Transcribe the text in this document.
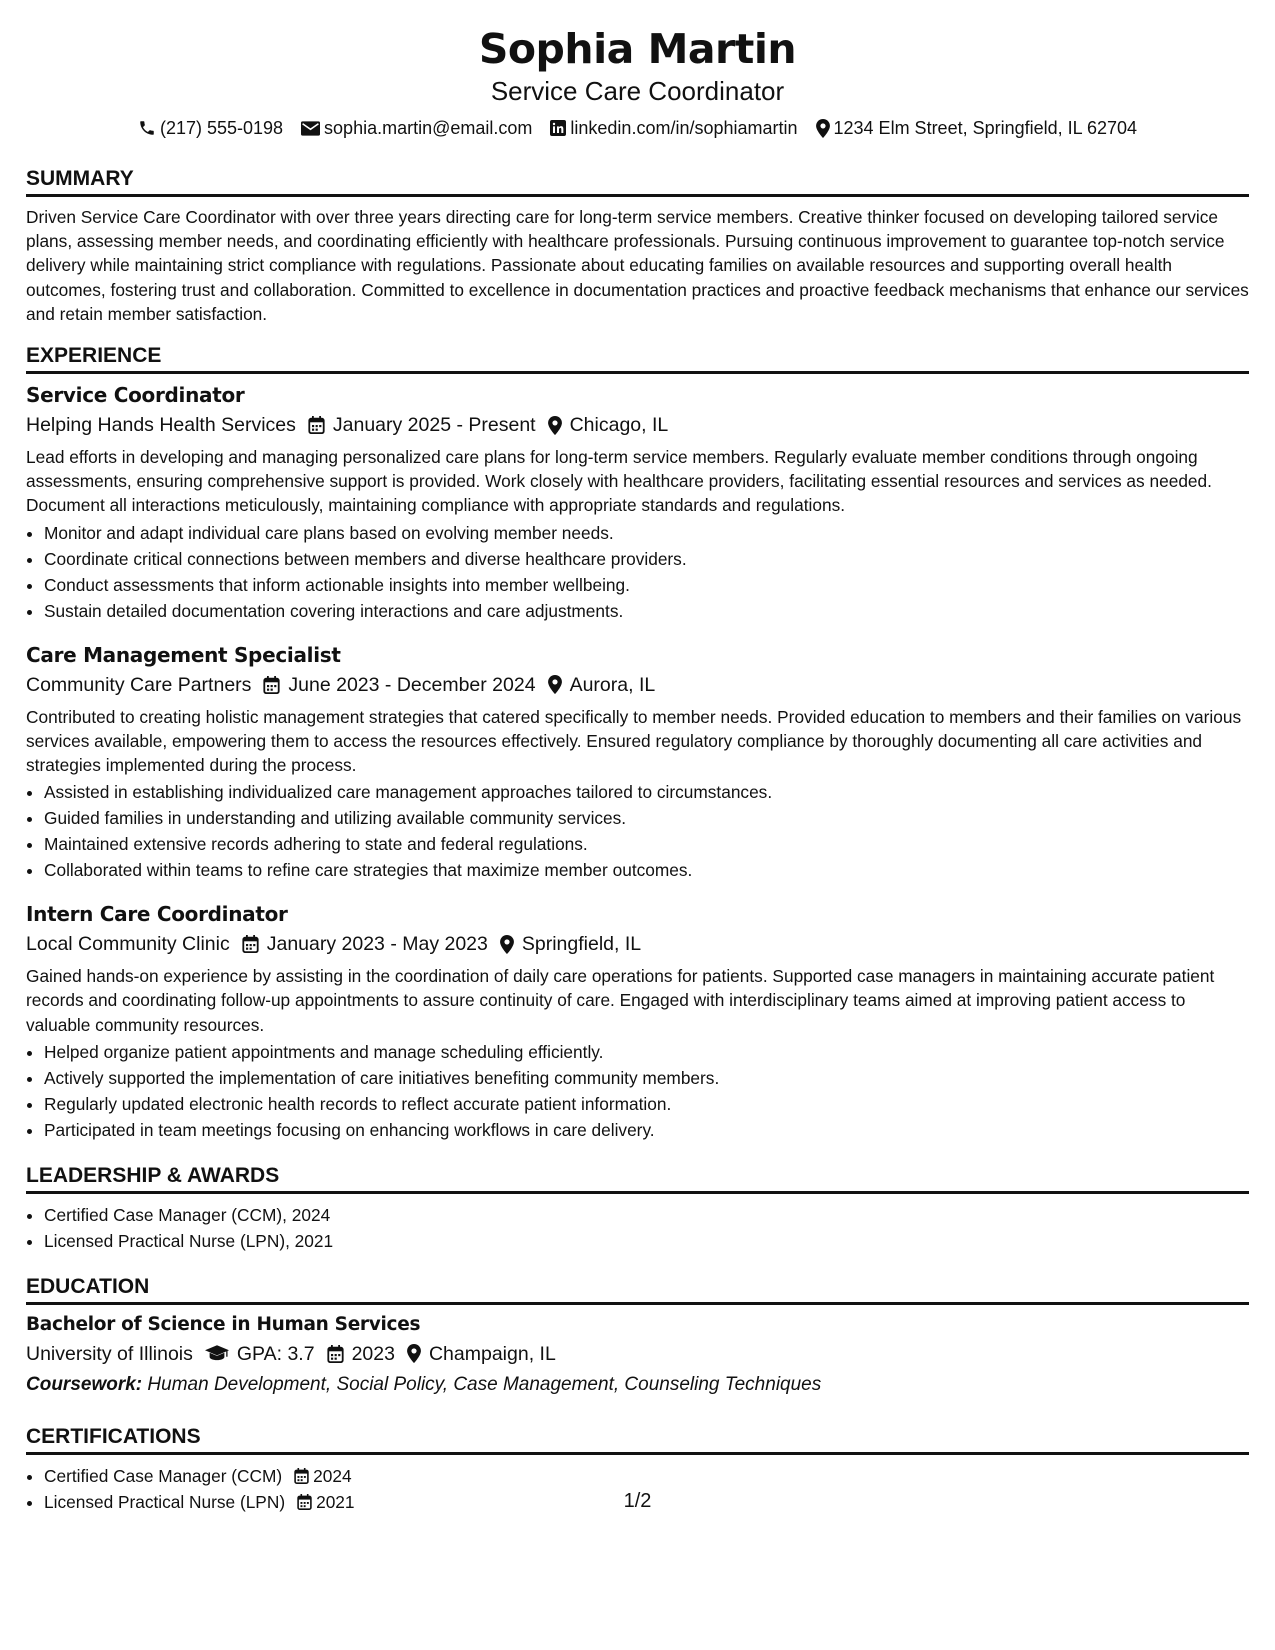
Sophia Martin
Service Care Coordinator
(217) 555-0198 sophia.martin@email.com linkedin.com/in/sophiamartin 1234 Elm Street, Springfield, IL 62704
SUMMARY

Driven Service Care Coordinator with over three years directing care for long-term service members. Creative thinker focused on developing tailored service plans, assessing member needs, and coordinating efficiently with healthcare professionals. Pursuing continuous improvement to guarantee top-notch service delivery while maintaining strict compliance with regulations. Passionate about educating families on available resources and supporting overall health outcomes, fostering trust and collaboration. Committed to excellence in documentation practices and proactive feedback mechanisms that enhance our services and retain member satisfaction.

EXPERIENCE
Service Coordinator
Helping Hands Health Services January 2025 - Present Chicago, IL

Lead efforts in developing and managing personalized care plans for long-term service members. Regularly evaluate member conditions through ongoing assessments, ensuring comprehensive support is provided. Work closely with healthcare providers, facilitating essential resources and services as needed. Document all interactions meticulously, maintaining compliance with appropriate standards and regulations.

• Monitor and adapt individual care plans based on evolving member needs.
• Coordinate critical connections between members and diverse healthcare providers.
• Conduct assessments that inform actionable insights into member wellbeing.
• Sustain detailed documentation covering interactions and care adjustments.
Care Management Specialist
Community Care Partners June 2023 - December 2024 Aurora, IL

Contributed to creating holistic management strategies that catered specifically to member needs. Provided education to members and their families on various services available, empowering them to access the resources effectively. Ensured regulatory compliance by thoroughly documenting all care activities and strategies implemented during the process.

• Assisted in establishing individualized care management approaches tailored to circumstances.
• Guided families in understanding and utilizing available community services.
• Maintained extensive records adhering to state and federal regulations.
• Collaborated within teams to refine care strategies that maximize member outcomes.
Intern Care Coordinator
Local Community Clinic January 2023 - May 2023 Springfield, IL

Gained hands-on experience by assisting in the coordination of daily care operations for patients. Supported case managers in maintaining accurate patient records and coordinating follow-up appointments to assure continuity of care. Engaged with interdisciplinary teams aimed at improving patient access to valuable community resources.

• Helped organize patient appointments and manage scheduling efficiently.
• Actively supported the implementation of care initiatives benefiting community members.
• Regularly updated electronic health records to reflect accurate patient information.
• Participated in team meetings focusing on enhancing workflows in care delivery.
LEADERSHIP & AWARDS
• Certified Case Manager (CCM), 2024
• Licensed Practical Nurse (LPN), 2021
EDUCATION
Bachelor of Science in Human Services
University of Illinois GPA: 3.7 2023 Champaign, IL
Coursework: Human Development, Social Policy, Case Management, Counseling Techniques
CERTIFICATIONS
• Certified Case Manager (CCM) 2024
• Licensed Practical Nurse (LPN) 2021	1/2
